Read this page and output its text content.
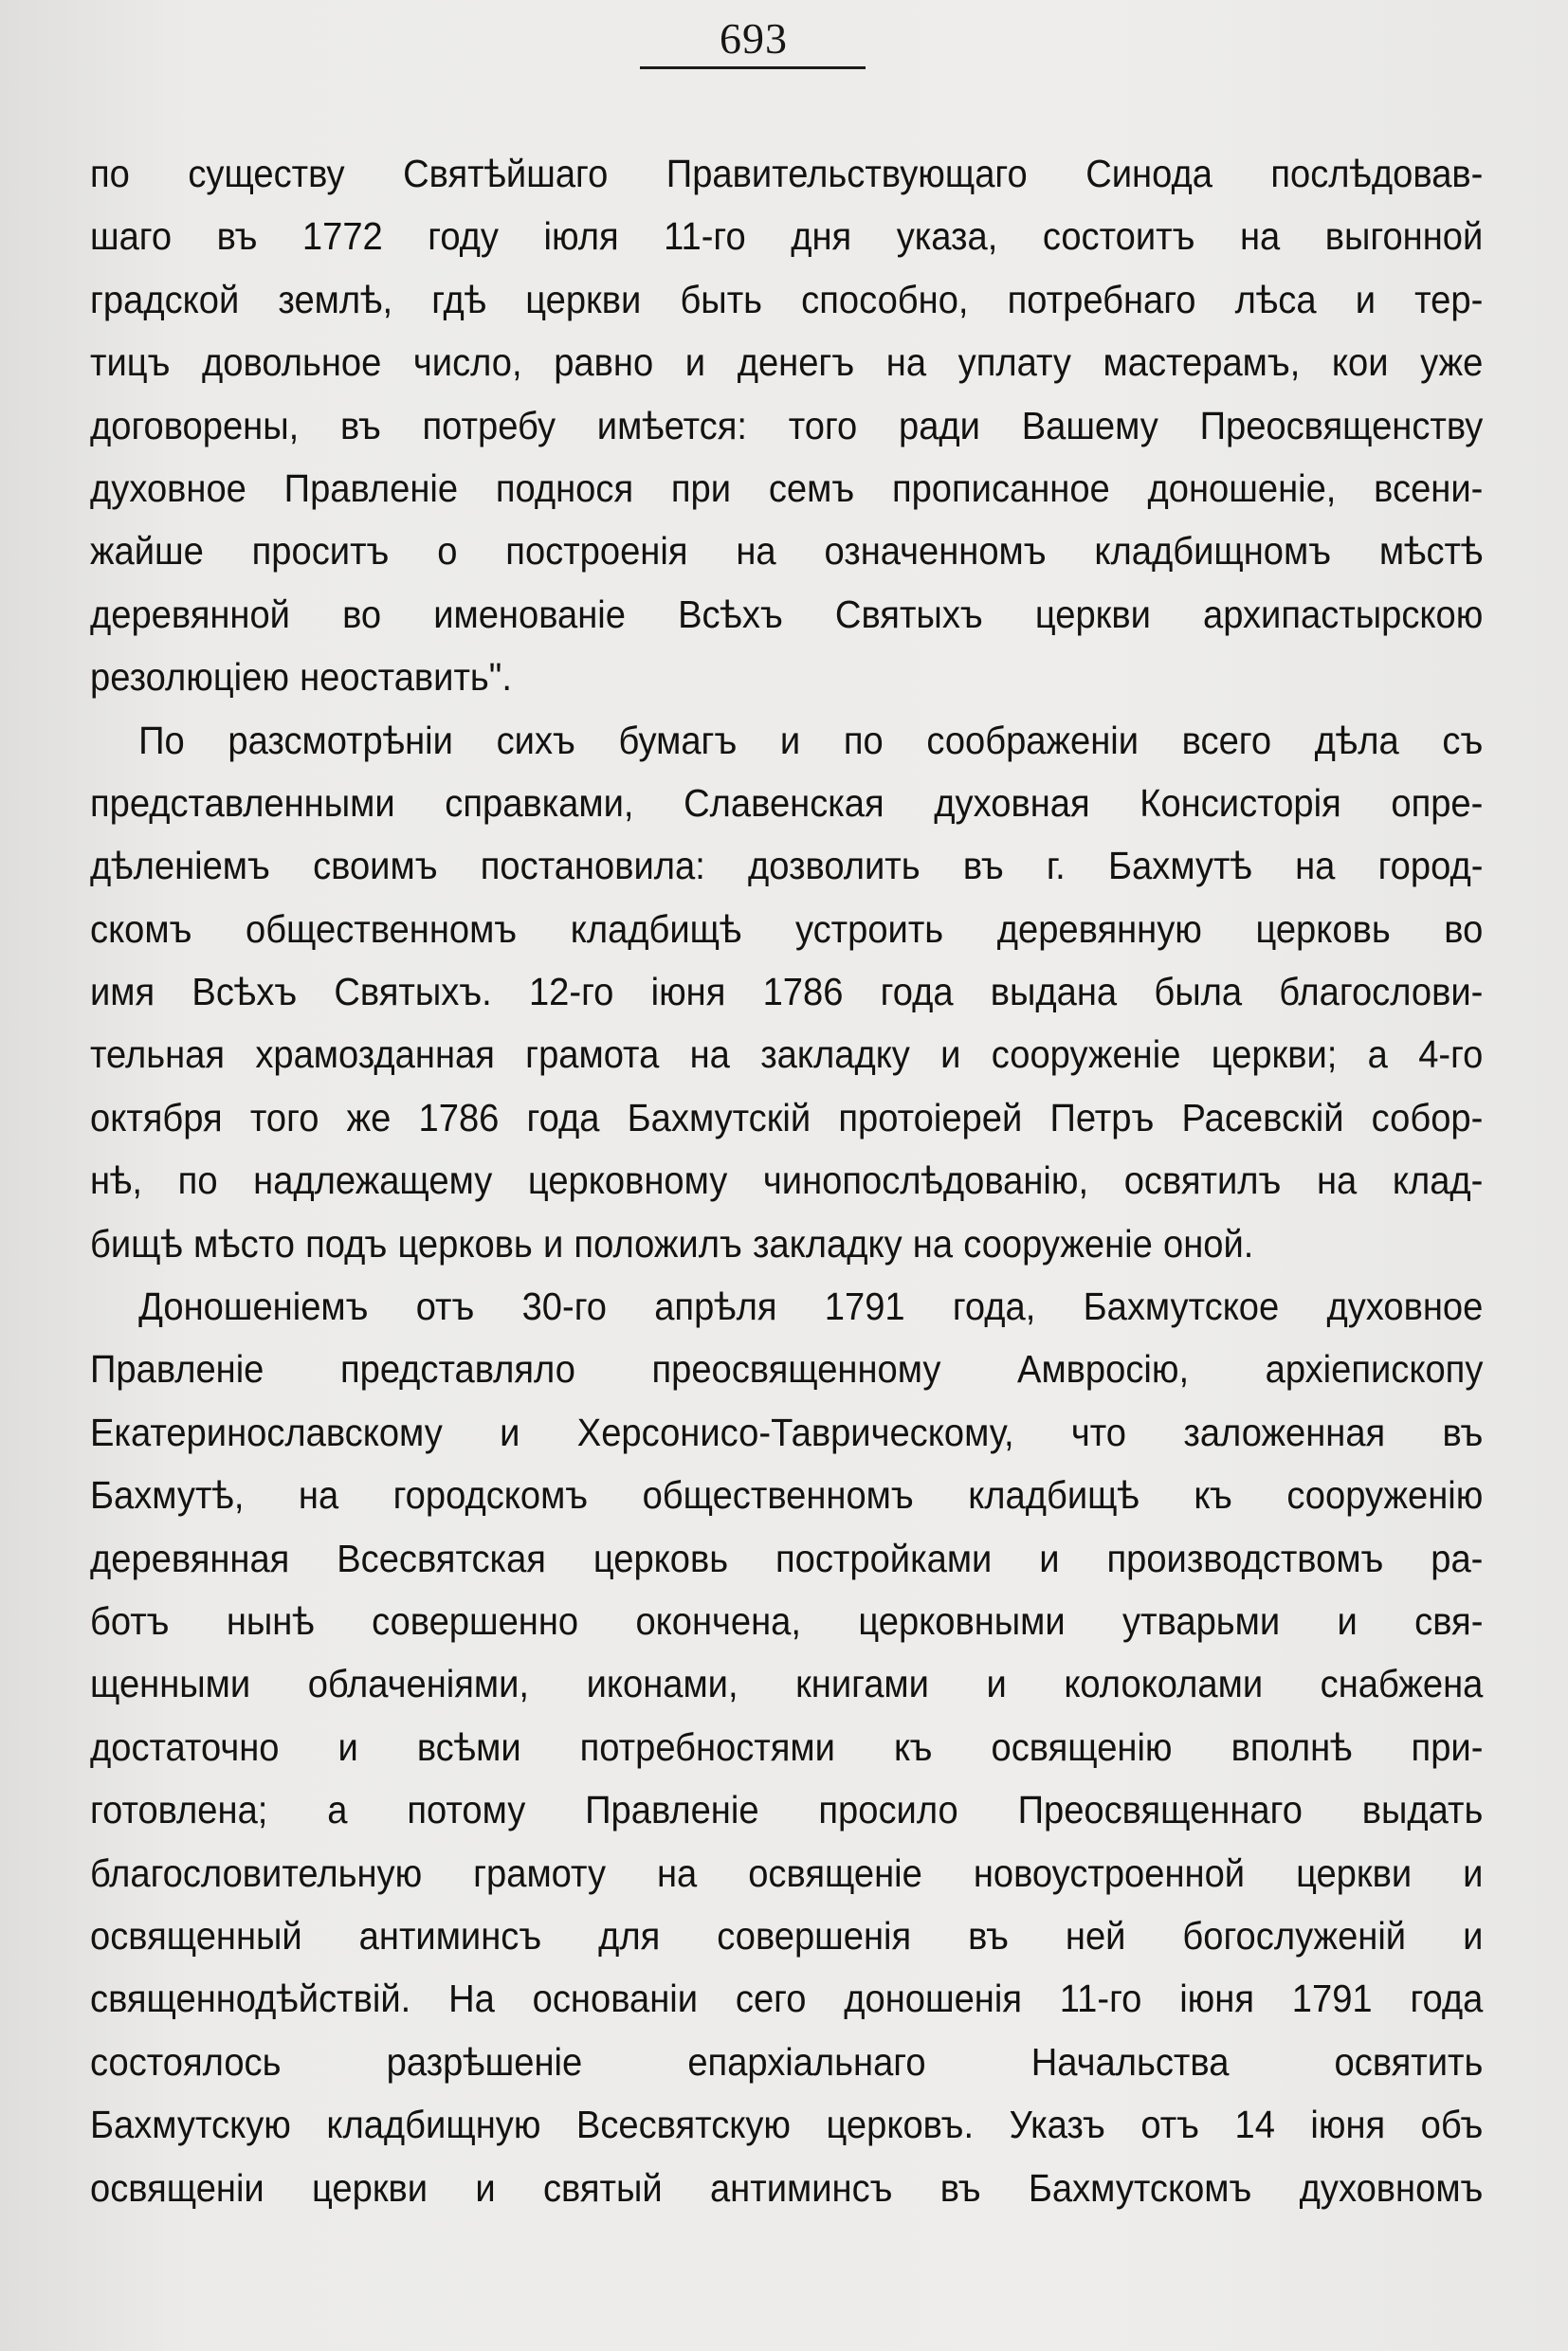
693
по существу Святѣйшаго Правительствующаго Синода послѣдовав-
шаго въ 1772 году іюля 11-го дня указа, состоитъ на выгонной
градской землѣ, гдѣ церкви быть способно, потребнаго лѣса и тер-
тицъ довольное число, равно и денегъ на уплату мастерамъ, кои уже
договорены, въ потребу имѣется: того ради Вашему Преосвященству
духовное Правленіе поднося при семъ прописанное доношеніе, всени-
жайше проситъ о построенія на означенномъ кладбищномъ мѣстѣ
деревянной во именованіе Всѣхъ Святыхъ церкви архипастырскою
резолюціею неоставить".
По разсмотрѣніи сихъ бумагъ и по соображеніи всего дѣла съ
представленными справками, Славенская духовная Консисторія опре-
дѣленіемъ своимъ постановила: дозволить въ г. Бахмутѣ на город-
скомъ общественномъ кладбищѣ устроить деревянную церковь во
имя Всѣхъ Святыхъ. 12-го іюня 1786 года выдана была благослови-
тельная храмозданная грамота на закладку и сооруженіе церкви; а 4-го
октября того же 1786 года Бахмутскій протоіерей Петръ Расевскій собор-
нѣ, по надлежащему церковному чинопослѣдованію, освятилъ на клад-
бищѣ мѣсто подъ церковь и положилъ закладку на сооруженіе оной.
Доношеніемъ отъ 30-го апрѣля 1791 года, Бахмутское духовное
Правленіе представляло преосвященному Амвросію, архіепископу
Екатеринославскому и Херсонисо-Таврическому, что заложенная въ
Бахмутѣ, на городскомъ общественномъ кладбищѣ къ сооруженію
деревянная Всесвятская церковь постройками и производствомъ ра-
ботъ нынѣ совершенно окончена, церковными утварьми и свя-
щенными облаченіями, иконами, книгами и колоколами снабжена
достаточно и всѣми потребностями къ освященію вполнѣ при-
готовлена; а потому Правленіе просило Преосвященнаго выдать
благословительную грамоту на освященіе новоустроенной церкви и
освященный антиминсъ для совершенія въ ней богослуженій и
священнодѣйствій. На основаніи сего доношенія 11-го іюня 1791 года
состоялось	разрѣшеніе	епархіальнаго	Начальства	освятить
Бахмутскую кладбищную Всесвятскую церковъ. Указъ отъ 14 іюня объ
освященіи церкви и святый антиминсъ въ Бахмутскомъ духовномъ
